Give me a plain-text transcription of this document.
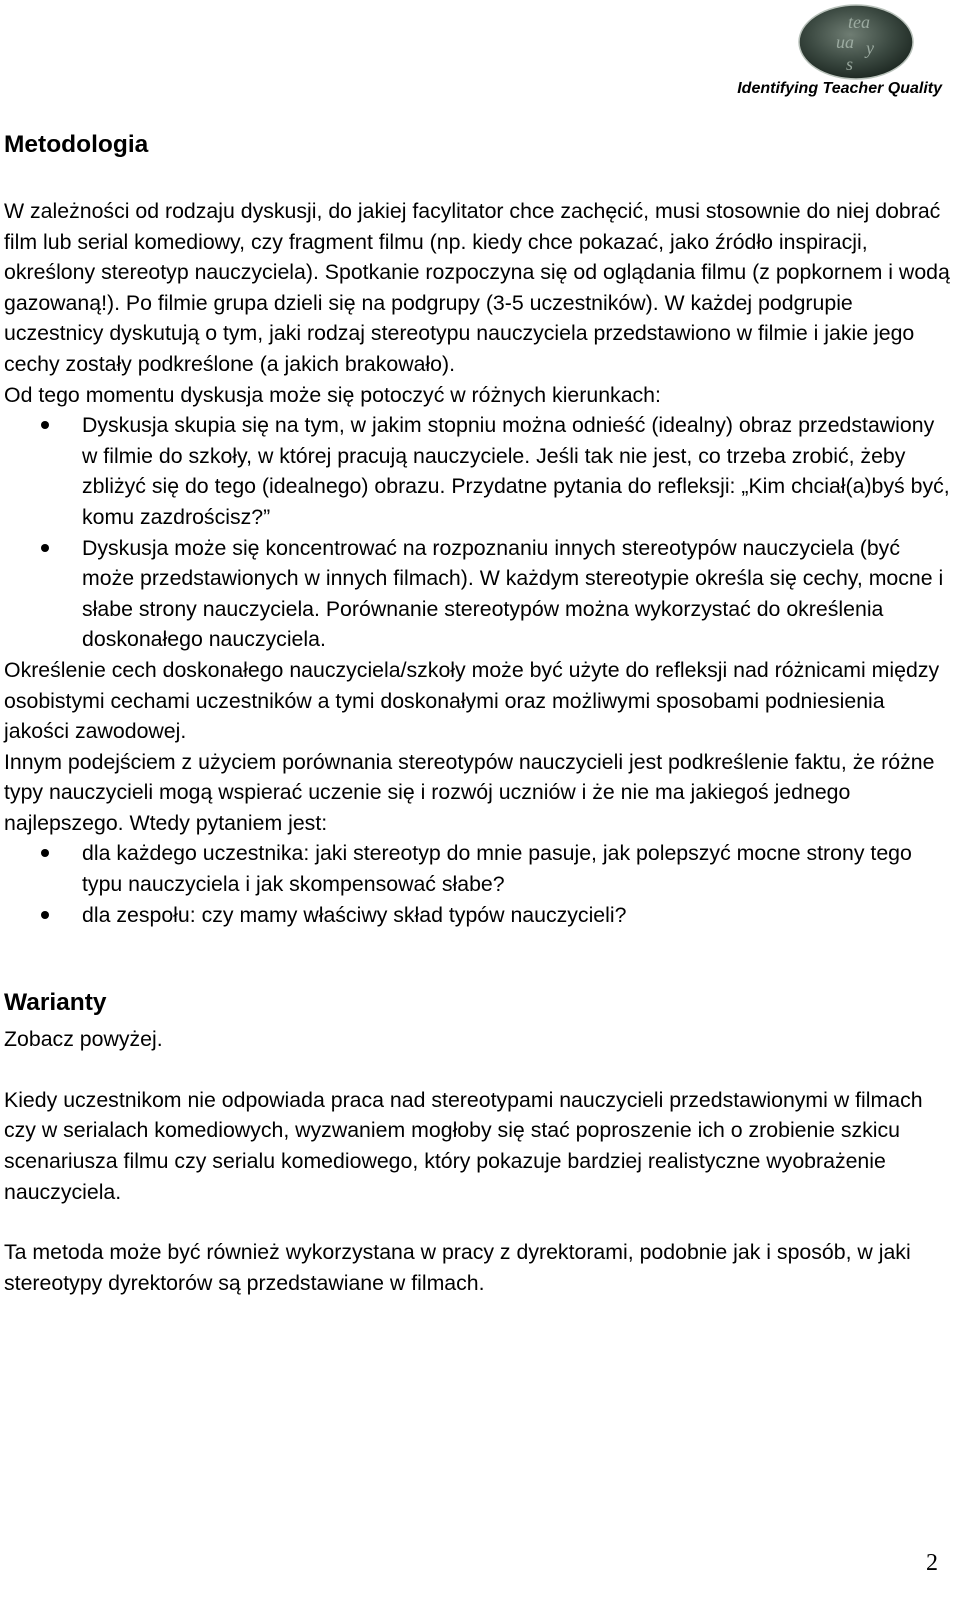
tea
ua y
s
Identifying Teacher Quality
Metodologia

W zależności od rodzaju dyskusji, do jakiej facylitator chce zachęcić, musi stosownie do niej dobrać film lub serial komediowy, czy fragment filmu (np. kiedy chce pokazać, jako źródło inspiracji, określony stereotyp nauczyciela). Spotkanie rozpoczyna się od oglądania filmu (z popkornem i wodą gazowaną!). Po filmie grupa dzieli się na podgrupy (3-5 uczestników). W każdej podgrupie uczestnicy dyskutują o tym, jaki rodzaj stereotypu nauczyciela przedstawiono w filmie i jakie jego cechy zostały podkreślone (a jakich brakowało).

Od tego momentu dyskusja może się potoczyć w różnych kierunkach:

Dyskusja skupia się na tym, w jakim stopniu można odnieść (idealny) obraz przedstawiony w filmie do szkoły, w której pracują nauczyciele. Jeśli tak nie jest, co trzeba zrobić, żeby zbliżyć się do tego (idealnego) obrazu. Przydatne pytania do refleksji: „Kim chciał(a)byś być, komu zazdrościsz?”
Dyskusja może się koncentrować na rozpoznaniu innych stereotypów nauczyciela (być może przedstawionych w innych filmach). W każdym stereotypie określa się cechy, mocne i słabe strony nauczyciela. Porównanie stereotypów można wykorzystać do określenia doskonałego nauczyciela.

Określenie cech doskonałego nauczyciela/szkoły może być użyte do refleksji nad różnicami między osobistymi cechami uczestników a tymi doskonałymi oraz możliwymi sposobami podniesienia jakości zawodowej.

Innym podejściem z użyciem porównania stereotypów nauczycieli jest podkreślenie faktu, że różne typy nauczycieli mogą wspierać uczenie się i rozwój uczniów i że nie ma jakiegoś jednego najlepszego. Wtedy pytaniem jest:

dla każdego uczestnika: jaki stereotyp do mnie pasuje, jak polepszyć mocne strony tego typu nauczyciela i jak skompensować słabe?
dla zespołu: czy mamy właściwy skład typów nauczycieli?
Warianty

Zobacz powyżej.

Kiedy uczestnikom nie odpowiada praca nad stereotypami nauczycieli przedstawionymi w filmach czy w serialach komediowych, wyzwaniem mogłoby się stać poproszenie ich o zrobienie szkicu scenariusza filmu czy serialu komediowego, który pokazuje bardziej realistyczne wyobrażenie nauczyciela.

Ta metoda może być również wykorzystana w pracy z dyrektorami, podobnie jak i sposób, w jaki stereotypy dyrektorów są przedstawiane w filmach.

2
